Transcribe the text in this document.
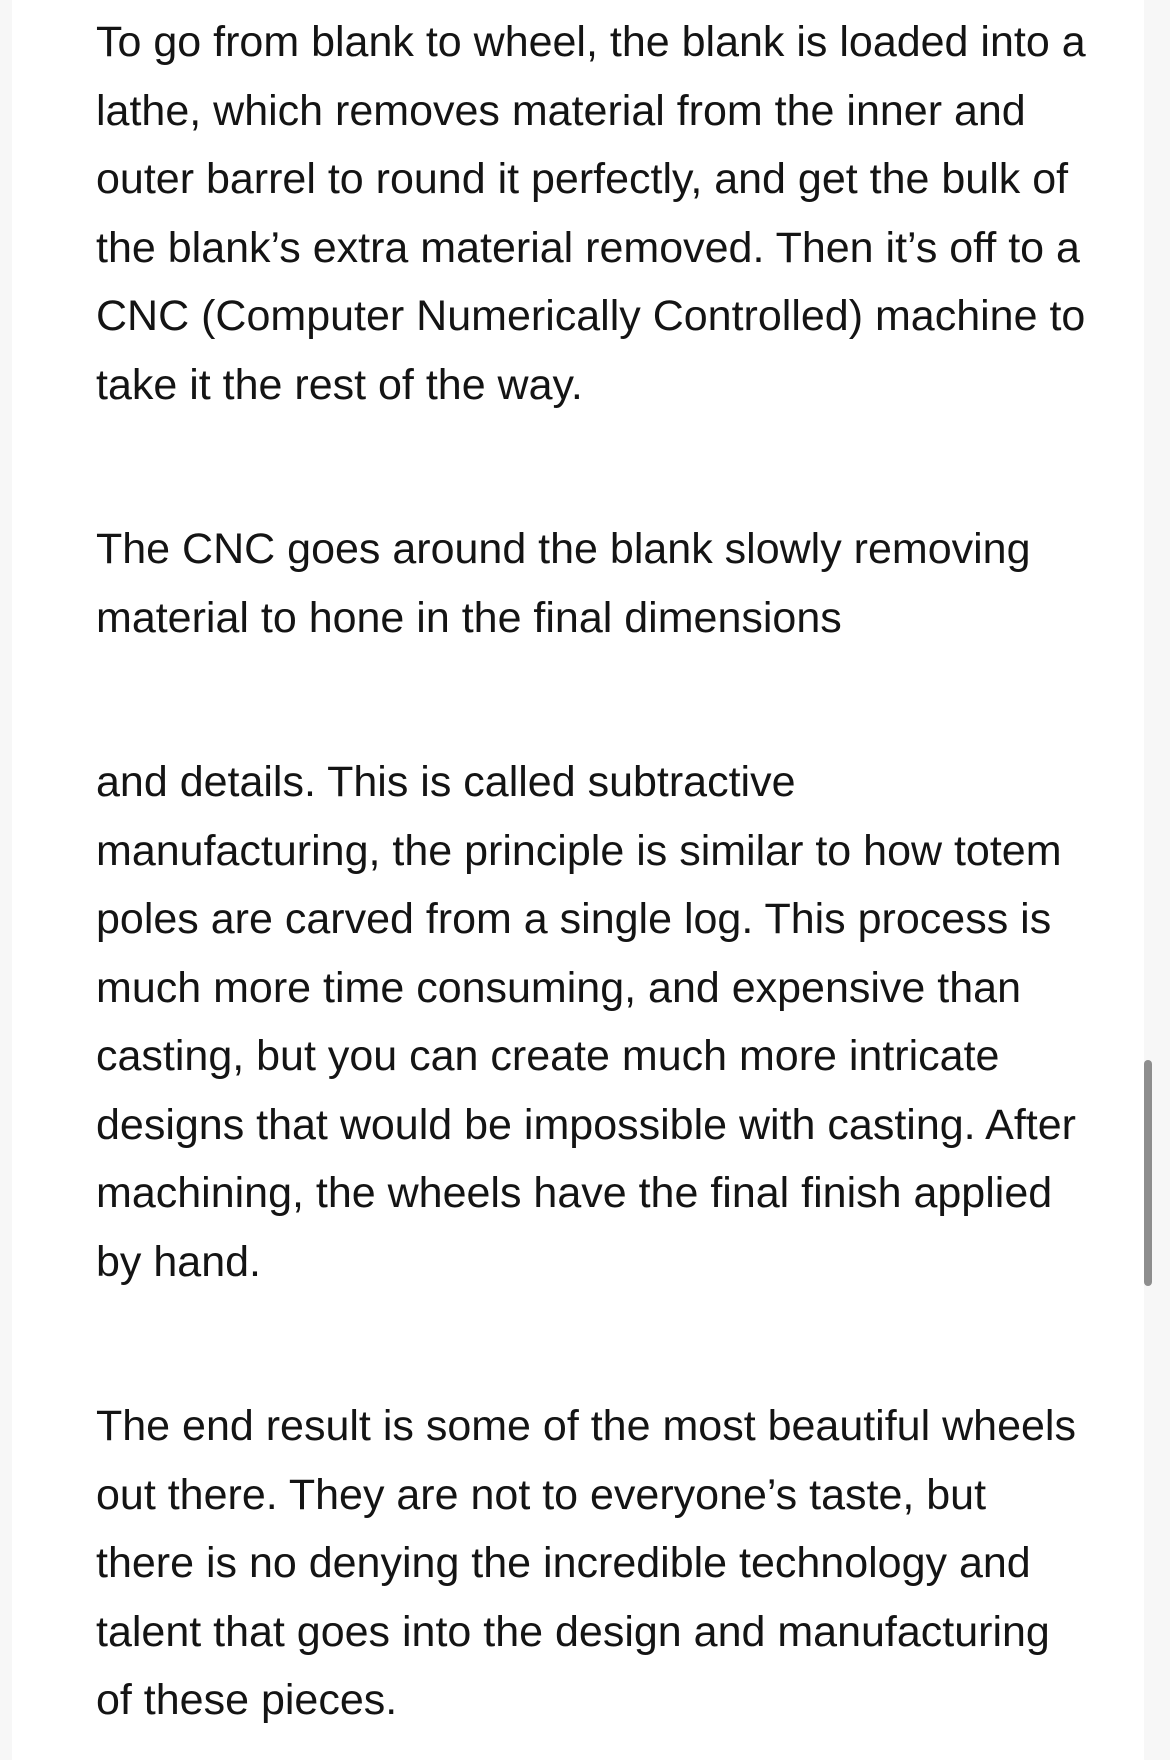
To go from blank to wheel, the blank is loaded into a lathe, which removes material from the inner and outer barrel to round it perfectly, and get the bulk of the blank’s extra material removed. Then it’s off to a CNC (Computer Numerically Controlled) machine to take it the rest of the way.

The CNC goes around the blank slowly removing material to hone in the final dimensions

and details. This is called subtractive manufacturing, the principle is similar to how totem poles are carved from a single log. This process is much more time consuming, and expensive than casting, but you can create much more intricate designs that would be impossible with casting. After machining, the wheels have the final finish applied by hand.

The end result is some of the most beautiful wheels out there. They are not to everyone’s taste, but there is no denying the incredible technology and talent that goes into the design and manufacturing of these pieces.
